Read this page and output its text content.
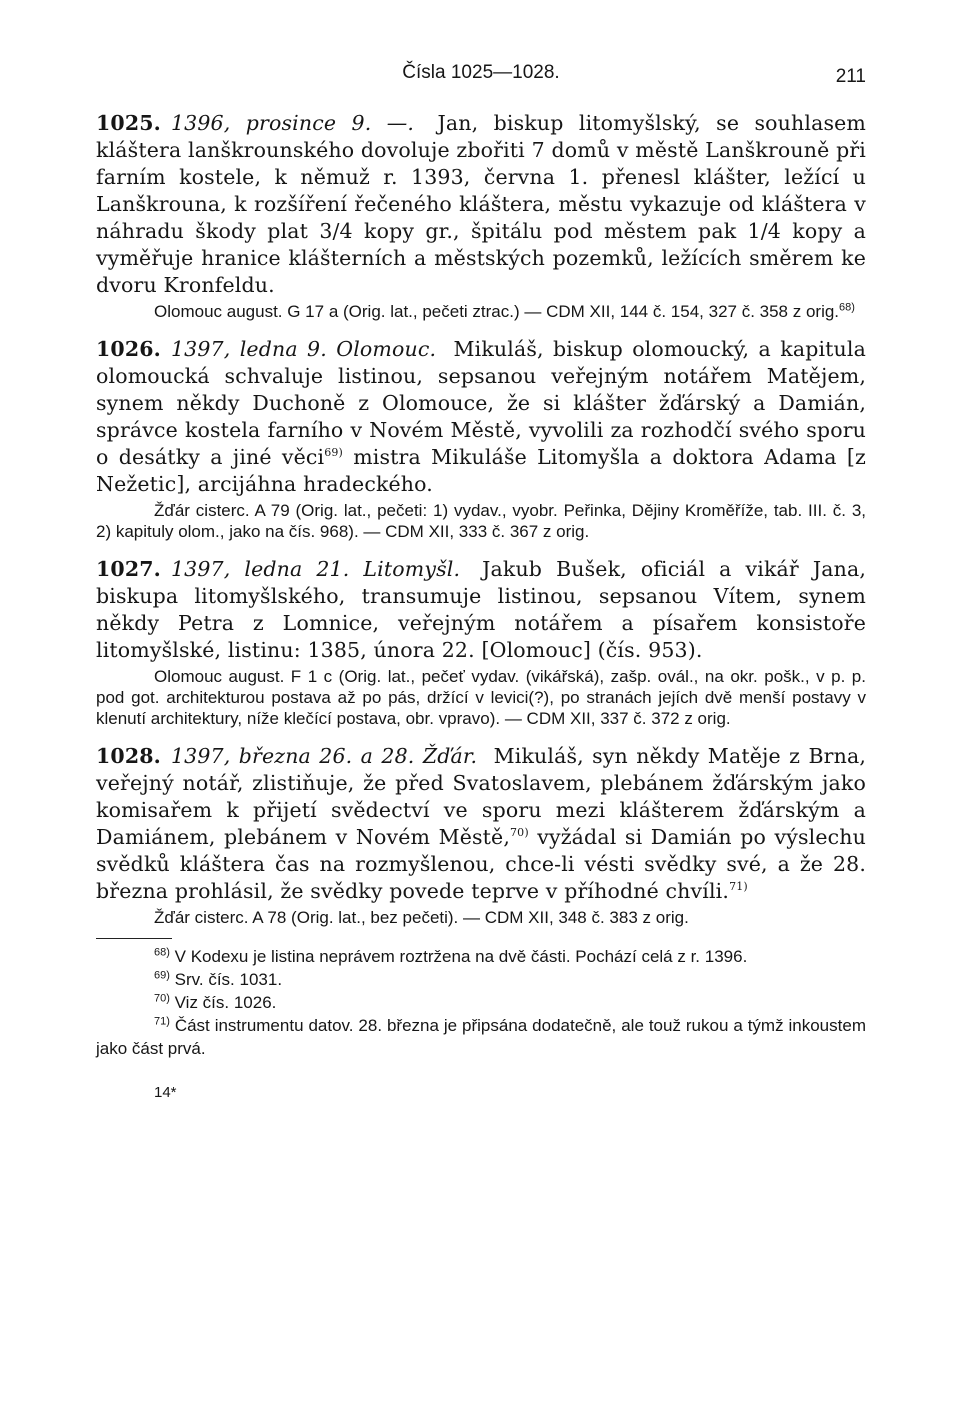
Čísla 1025—1028.	211
1025. 1396, prosince 9. —. Jan, biskup litomyšlský, se souhlasem kláštera lanškrounského dovoluje zbořiti 7 domů v městě Lanškrouně při farním kostele, k němuž r. 1393, června 1. přenesl klášter, ležící u Lanškrouna, k rozšíření řečeného kláštera, městu vykazuje od kláštera v náhradu škody plat 3/4 kopy gr., špitálu pod městem pak 1/4 kopy a vyměřuje hranice klášterních a městských pozemků, ležících směrem ke dvoru Kronfeldu.
Olomouc august. G 17 a (Orig. lat., pečeti ztrac.) — CDM XII, 144 č. 154, 327 č. 358 z orig.$^{68)}$
1026. 1397, ledna 9. Olomouc. Mikuláš, biskup olomoucký, a kapitula olomoucká schvaluje listinou, sepsanou veřejným notářem Matějem, synem někdy Duchoně z Olomouce, že si klášter žďárský a Damián, správce kostela farního v Novém Městě, vyvolili za rozhodčí svého sporu o desátky a jiné věci$^{69)}$ mistra Mikuláše Litomyšla a doktora Adama [z Nežetic], arcijáhna hradeckého.
Žďár cisterc. A 79 (Orig. lat., pečeti: 1) vydav., vyobr. Peřinka, Dějiny Kroměříže, tab. III. č. 3, 2) kapituly olom., jako na čís. 968). — CDM XII, 333 č. 367 z orig.
1027. 1397, ledna 21. Litomyšl. Jakub Bušek, oficiál a vikář Jana, biskupa litomyšlského, transumuje listinou, sepsanou Vítem, synem někdy Petra z Lomnice, veřejným notářem a písařem konsistoře litomyšlské, listinu: 1385, února 22. [Olomouc] (čís. 953).
Olomouc august. F 1 c (Orig. lat., pečeť vydav. (vikářská), zašp. ovál., na okr. pošk., v p. p. pod got. architekturou postava až po pás, držící v levici(?), po stranách jejích dvě menší postavy v klenutí architektury, níže klečící postava, obr. vpravo). — CDM XII, 337 č. 372 z orig.
1028. 1397, března 26. a 28. Žďár. Mikuláš, syn někdy Matěje z Brna, veřejný notář, zlistiňuje, že před Svatoslavem, plebánem žďárským jako komisařem k přijetí svědectví ve sporu mezi klášterem žďárským a Damiánem, plebánem v Novém Městě,$^{70)}$ vyžádal si Damián po výslechu svědků kláštera čas na rozmyšlenou, chce-li vésti svědky své, a že 28. března prohlásil, že svědky povede teprve v příhodné chvíli.$^{71)}$
Žďár cisterc. A 78 (Orig. lat., bez pečeti). — CDM XII, 348 č. 383 z orig.
$^{68)}$ V Kodexu je listina neprávem roztržena na dvě části. Pochází celá z r. 1396.
$^{69)}$ Srv. čís. 1031.
$^{70)}$ Viz čís. 1026.
$^{71)}$ Část instrumentu datov. 28. března je připsána dodatečně, ale touž rukou a týmž inkoustem jako část prvá.
14*
